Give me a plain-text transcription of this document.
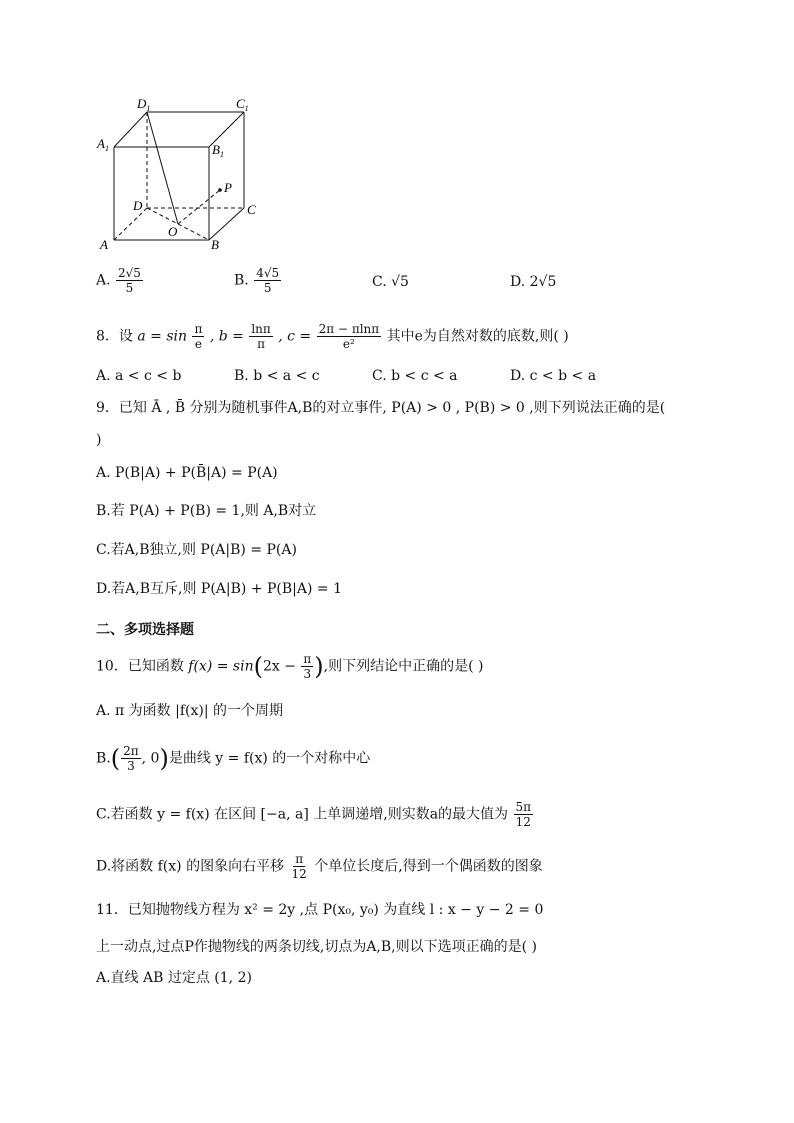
$D_1$	$C_1$
$A_1$	$B_1$
P
D	C
O
A	B
A. $\frac{2√5}{5}$	B. $\frac{4√5}{5}$	C. √5	D. 2√5
8．设 $a = \sin \frac{\pi}{e}$ , $b = \frac{\ln\pi}{\pi}$ , $c = \frac{2\pi - \pi\ln\pi}{\text{e²}}$ 其中e为自然对数的底数,则( )
A. a < c < b	B. b < a < c	C. b < c < a	D. c < b < a
9．已知 Ā , B̄ 分别为随机事件A,B的对立事件, P(A) > 0 , P(B) > 0 ,则下列说法正确的是(
)
A. P(B|A) + P(B̄|A) = P(A)
B.若 P(A) + P(B) = 1,则 A,B对立
C.若A,B独立,则 P(A|B) = P(A)
D.若A,B互斥,则 P(A|B) + P(B|A) = 1
二、多项选择题
10．已知函数 $f(x) = \sin(2x - \frac{\pi}{3}$ ),则下列结论中正确的是( )
A. π 为函数 |f(x)| 的一个周期
$B.( \frac{2\pi}{3}$ , 0)是曲线 y = f(x) 的一个对称中心
C.若函数 y = f(x) 在区间 [−a, a] 上单调递增,则实数a的最大值为 $\frac{5\pi}{12}$
D.将函数 f(x) 的图象向右平移 $\frac{\pi}{12}$ 个单位长度后,得到一个偶函数的图象
11．已知抛物线方程为 x² = 2y ,点 P(x₀, y₀) 为直线 l : x − y − 2 = 0
上一动点,过点P作抛物线的两条切线,切点为A,B,则以下选项正确的是( )
A.直线 AB 过定点 (1, 2)
